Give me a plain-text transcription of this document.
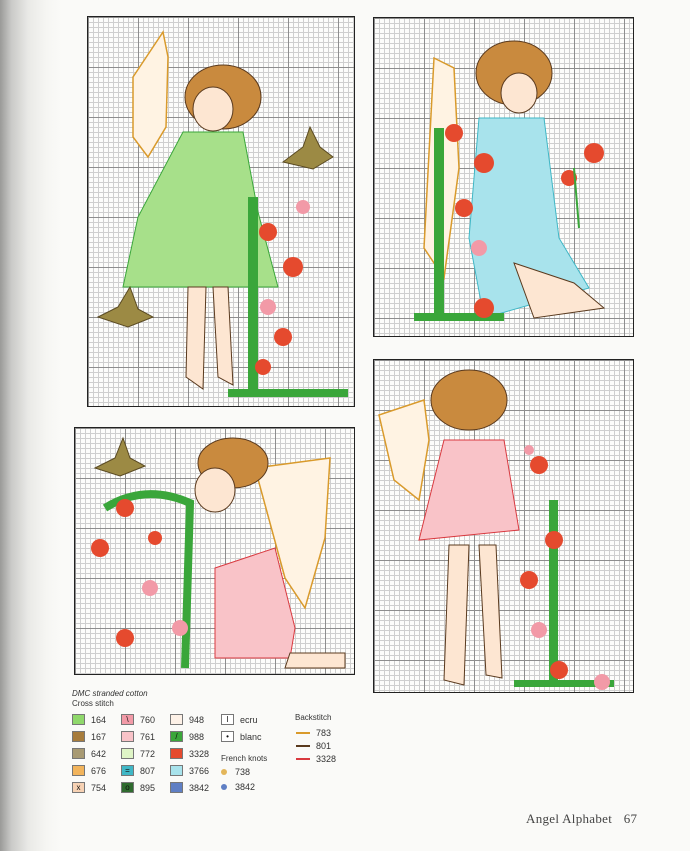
DMC stranded cotton
Cross stitch
164
167
642
676
x	754
\	760
761
772
=	807
o	895
948
/	988
3328
3766
3842
I	ecru
•	blanc
French knots
738
3842
Backstitch
783
801
3328
Angel Alphabet 67
